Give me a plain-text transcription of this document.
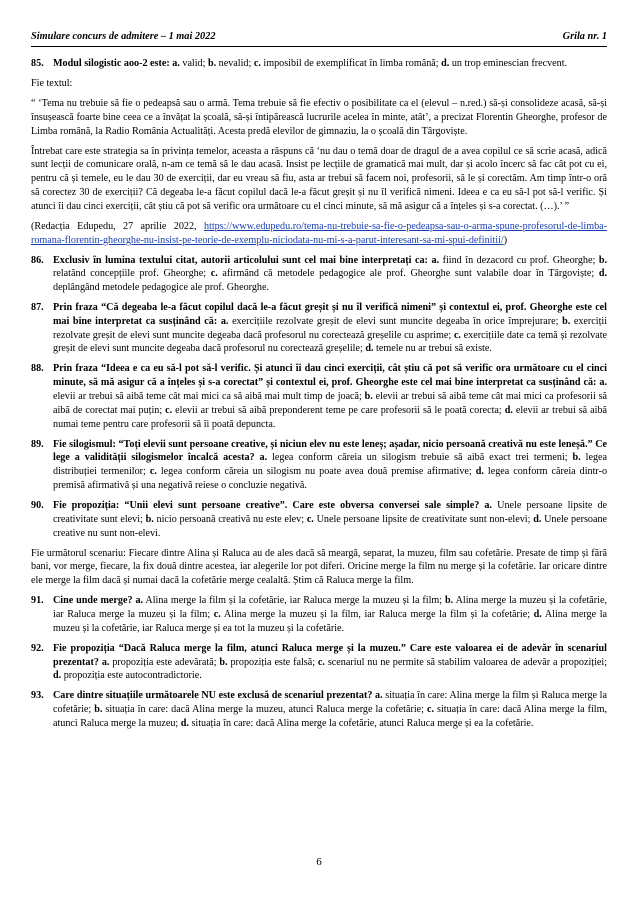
Simulare concurs de admitere – 1 mai 2022	Grila nr. 1
85. Modul silogistic aoo-2 este: a. valid; b. nevalid; c. imposibil de exemplificat în limba română; d. un trop eminescian frecvent.

Fie textul:

“ ‘Tema nu trebuie să fie o pedeapsă sau o armă. Tema trebuie să fie efectiv o posibilitate ca el (elevul – n.red.) să-și consolideze acasă, să-și însușească foarte bine ceea ce a învățat la școală, să-și întipărească lucrurile acelea în minte, atât’, a precizat Florentin Gheorghe, profesor de Limba română, la Radio România Actualități. Acesta predă elevilor de gimnaziu, la o școală din Târgoviște.

Întrebat care este strategia sa în privința temelor, aceasta a răspuns că ‘nu dau o temă doar de dragul de a avea copilul ce să scrie acasă, adică sunt lecții de comunicare orală, n-am ce temă să le dau acasă. Insist pe lecțiile de gramatică mai mult, dar și acolo încerc să fac cât pot cu ei, pentru că și temele, eu le dau 30 de exerciții, dar eu vreau să fiu, asta ar trebui să facem noi, profesorii, să le și corectăm. Am timp într-o oră să corectez 30 de exerciții? Că degeaba le-a făcut copilul dacă le-a făcut greșit și nu îl verifică nimeni. Ideea e ca eu să-l pot să-l verific. Și atunci îi dau cinci exerciții, cât știu că pot să verific ora următoare cu el cinci minute, să mă asigur că a înțeles și s-a corectat. (…).’ ”

(Redacția Edupedu, 27 aprilie 2022, https://www.edupedu.ro/tema-nu-trebuie-sa-fie-o-pedeapsa-sau-o-arma-spune-profesorul-de-limba-romana-florentin-gheorghe-nu-insist-pe-teorie-de-exemplu-niciodata-nu-mi-s-a-parut-interesant-sa-mi-spui-definitii/)

86. Exclusiv în lumina textului citat, autorii articolului sunt cel mai bine interpretați ca: a. fiind în dezacord cu prof. Gheorghe; b. relatând concepțiile prof. Gheorghe; c. afirmând că metodele pedagogice ale prof. Gheorghe sunt valabile doar în Târgoviște; d. deplângând metodele pedagogice ale prof. Gheorghe.
87. Prin fraza “Că degeaba le-a făcut copilul dacă le-a făcut greșit și nu îl verifică nimeni” și contextul ei, prof. Gheorghe este cel mai bine interpretat ca susținând că: a. exercițiile rezolvate greșit de elevi sunt muncite degeaba în orice împrejurare; b. exerciții rezolvate greșit de elevi sunt muncite degeaba dacă profesorul nu corectează greșelile cu asprime; c. exercițiile date ca temă și rezolvate greșit de elevi sunt muncite degeaba dacă profesorul nu corectează greșelile; d. temele nu ar trebui să existe.
88. Prin fraza “Ideea e ca eu să-l pot să-l verific. Și atunci îi dau cinci exerciții, cât știu că pot să verific ora următoare cu el cinci minute, să mă asigur că a înțeles și s-a corectat” și contextul ei, prof. Gheorghe este cel mai bine interpretat ca susținând că: a. elevii ar trebui să aibă teme cât mai mici ca să aibă mai mult timp de joacă; b. elevii ar trebui să aibă teme cât mai mici ca profesorii să aibă de corectat mai puțin; c. elevii ar trebui să aibă preponderent teme pe care profesorii să le poată corecta; d. elevii ar trebui să aibă numai teme pentru care profesorii să îi poată depuncta.
89. Fie silogismul: “Toți elevii sunt persoane creative, și niciun elev nu este leneș; așadar, nicio persoană creativă nu este leneșă.” Ce lege a validității silogismelor încalcă acesta? a. legea conform căreia un silogism trebuie să aibă exact trei termeni; b. legea distribuției termenilor; c. legea conform căreia un silogism nu poate avea două premise afirmative; d. legea conform căreia dintr-o premisă afirmativă și una negativă reiese o concluzie negativă.
90. Fie propoziția: “Unii elevi sunt persoane creative”. Care este obversa conversei sale simple? a. Unele persoane lipsite de creativitate sunt elevi; b. nicio persoană creativă nu este elev; c. Unele persoane lipsite de creativitate sunt non-elevi; d. Unele persoane creative nu sunt non-elevi.

Fie următorul scenariu: Fiecare dintre Alina și Raluca au de ales dacă să meargă, separat, la muzeu, film sau cofetărie. Presate de timp și fără bani, vor merge, fiecare, la fix două dintre acestea, iar alegerile lor pot diferi. Oricine merge la film nu merge și la cofetărie. Iar oricare dintre ele merge la film dacă și numai dacă la cofetărie merge cealaltă. Știm că Raluca merge la film.

91. Cine unde merge? a. Alina merge la film și la cofetărie, iar Raluca merge la muzeu și la film; b. Alina merge la muzeu și la cofetărie, iar Raluca merge la muzeu și la film; c. Alina merge la muzeu și la film, iar Raluca merge la film și la cofetărie; d. Alina merge la muzeu și la cofetărie, iar Raluca merge și ea tot la muzeu și la cofetărie.
92. Fie propoziția “Dacă Raluca merge la film, atunci Raluca merge și la muzeu.” Care este valoarea ei de adevăr în scenariul prezentat? a. propoziția este adevărată; b. propoziția este falsă; c. scenariul nu ne permite să stabilim valoarea de adevăr a propoziției; d. propoziția este autocontradictorie.
93. Care dintre situațiile următoarele NU este exclusă de scenariul prezentat? a. situația în care: Alina merge la film și Raluca merge la cofetărie; b. situația în care: dacă Alina merge la muzeu, atunci Raluca merge la cofetărie; c. situația în care: dacă Alina merge la film, atunci Raluca merge la muzeu; d. situația în care: dacă Alina merge la cofetărie, atunci Raluca merge și ea la cofetărie.
6
